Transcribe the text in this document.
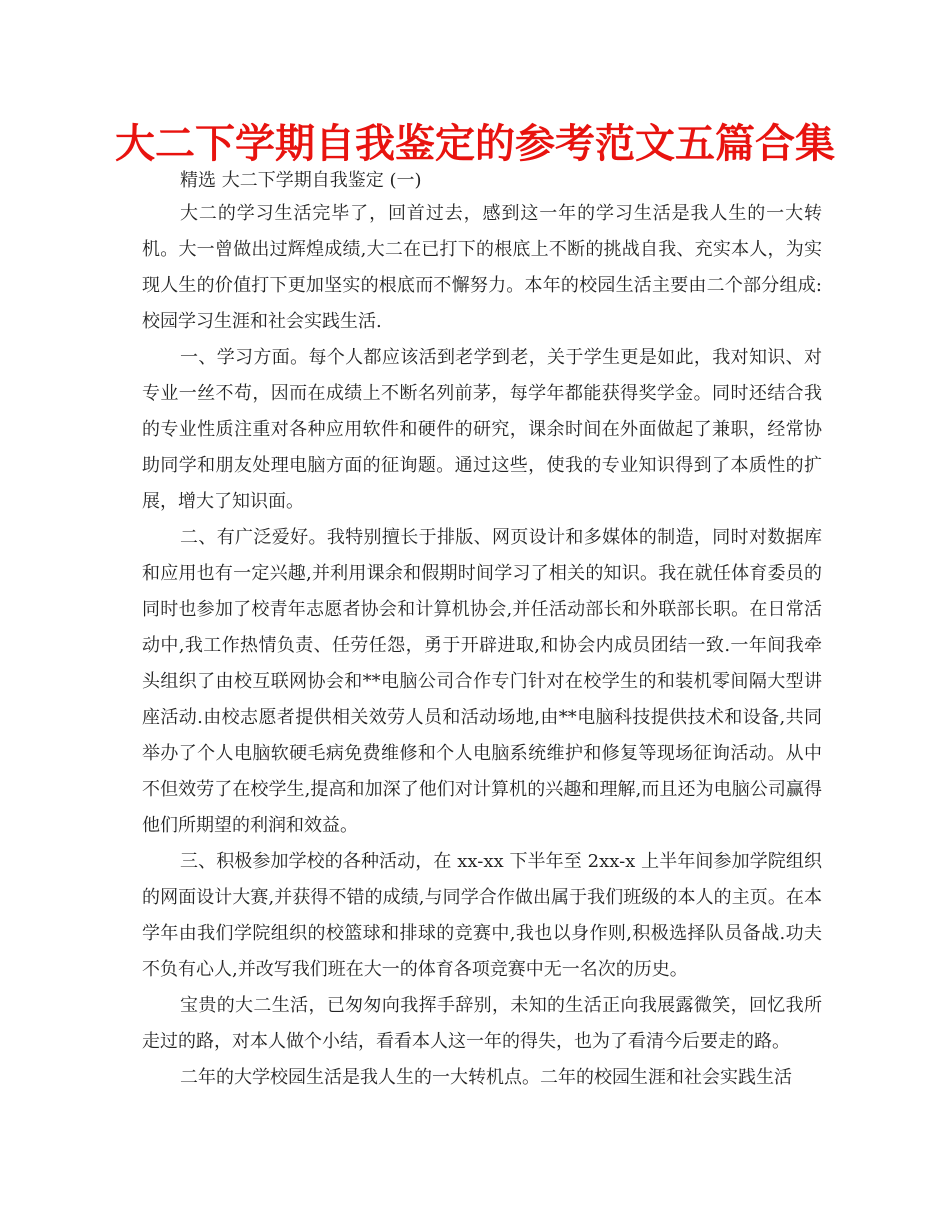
大二下学期自我鉴定的参考范文五篇合集

精选 大二下学期自我鉴定 (一)

大二的学习生活完毕了，回首过去，感到这一年的学习生活是我人生的一大转机。大一曾做出过辉煌成绩,大二在已打下的根底上不断的挑战自我、充实本人，为实现人生的价值打下更加坚实的根底而不懈努力。本年的校园生活主要由二个部分组成:校园学习生涯和社会实践生活.

一、学习方面。每个人都应该活到老学到老，关于学生更是如此，我对知识、对专业一丝不苟，因而在成绩上不断名列前茅，每学年都能获得奖学金。同时还结合我的专业性质注重对各种应用软件和硬件的研究，课余时间在外面做起了兼职，经常协助同学和朋友处理电脑方面的征询题。通过这些，使我的专业知识得到了本质性的扩展，增大了知识面。

二、有广泛爱好。我特别擅长于排版、网页设计和多媒体的制造，同时对数据库和应用也有一定兴趣,并利用课余和假期时间学习了相关的知识。我在就任体育委员的同时也参加了校青年志愿者协会和计算机协会,并任活动部长和外联部长职。在日常活动中,我工作热情负责、任劳任怨，勇于开辟进取,和协会内成员团结一致.一年间我牵头组织了由校互联网协会和**电脑公司合作专门针对在校学生的和装机零间隔大型讲座活动.由校志愿者提供相关效劳人员和活动场地,由**电脑科技提供技术和设备,共同举办了个人电脑软硬毛病免费维修和个人电脑系统维护和修复等现场征询活动。从中不但效劳了在校学生,提高和加深了他们对计算机的兴趣和理解,而且还为电脑公司赢得他们所期望的利润和效益。

三、积极参加学校的各种活动，在 xx-xx 下半年至 2xx-x 上半年间参加学院组织的网面设计大赛,并获得不错的成绩,与同学合作做出属于我们班级的本人的主页。在本学年由我们学院组织的校篮球和排球的竞赛中,我也以身作则,积极选择队员备战.功夫不负有心人,并改写我们班在大一的体育各项竞赛中无一名次的历史。

宝贵的大二生活，已匆匆向我挥手辞别，未知的生活正向我展露微笑，回忆我所走过的路，对本人做个小结，看看本人这一年的得失，也为了看清今后要走的路。

二年的大学校园生活是我人生的一大转机点。二年的校园生涯和社会实践生活
